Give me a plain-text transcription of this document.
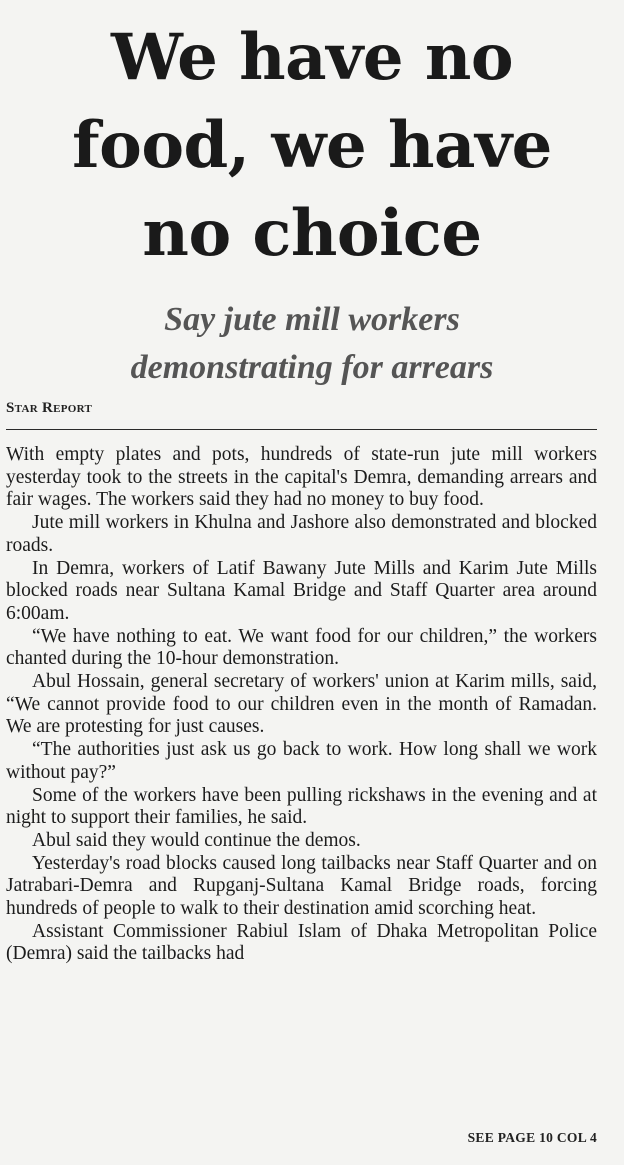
We have no
food, we have
no choice
Say jute mill workers
demonstrating for arrears
Star Report

With empty plates and pots, hundreds of state-run jute mill workers yesterday took to the streets in the capital's Demra, demanding arrears and fair wages. The workers said they had no money to buy food.

Jute mill workers in Khulna and Jashore also demonstrated and blocked roads.

In Demra, workers of Latif Bawany Jute Mills and Karim Jute Mills blocked roads near Sultana Kamal Bridge and Staff Quarter area around 6:00am.

“We have nothing to eat. We want food for our children,” the workers chanted during the 10-hour demonstration.

Abul Hossain, general secretary of workers' union at Karim mills, said, “We cannot provide food to our children even in the month of Ramadan. We are protesting for just causes.

“The authorities just ask us go back to work. How long shall we work without pay?”

Some of the workers have been pulling rickshaws in the evening and at night to support their families, he said.

Abul said they would continue the demos.

Yesterday's road blocks caused long tailbacks near Staff Quarter and on Jatrabari-Demra and Rupganj-Sultana Kamal Bridge roads, forcing hundreds of people to walk to their destination amid scorching heat.

Assistant Commissioner Rabiul Islam of Dhaka Metropolitan Police (Demra) said the tailbacks had

SEE PAGE 10 COL 4
